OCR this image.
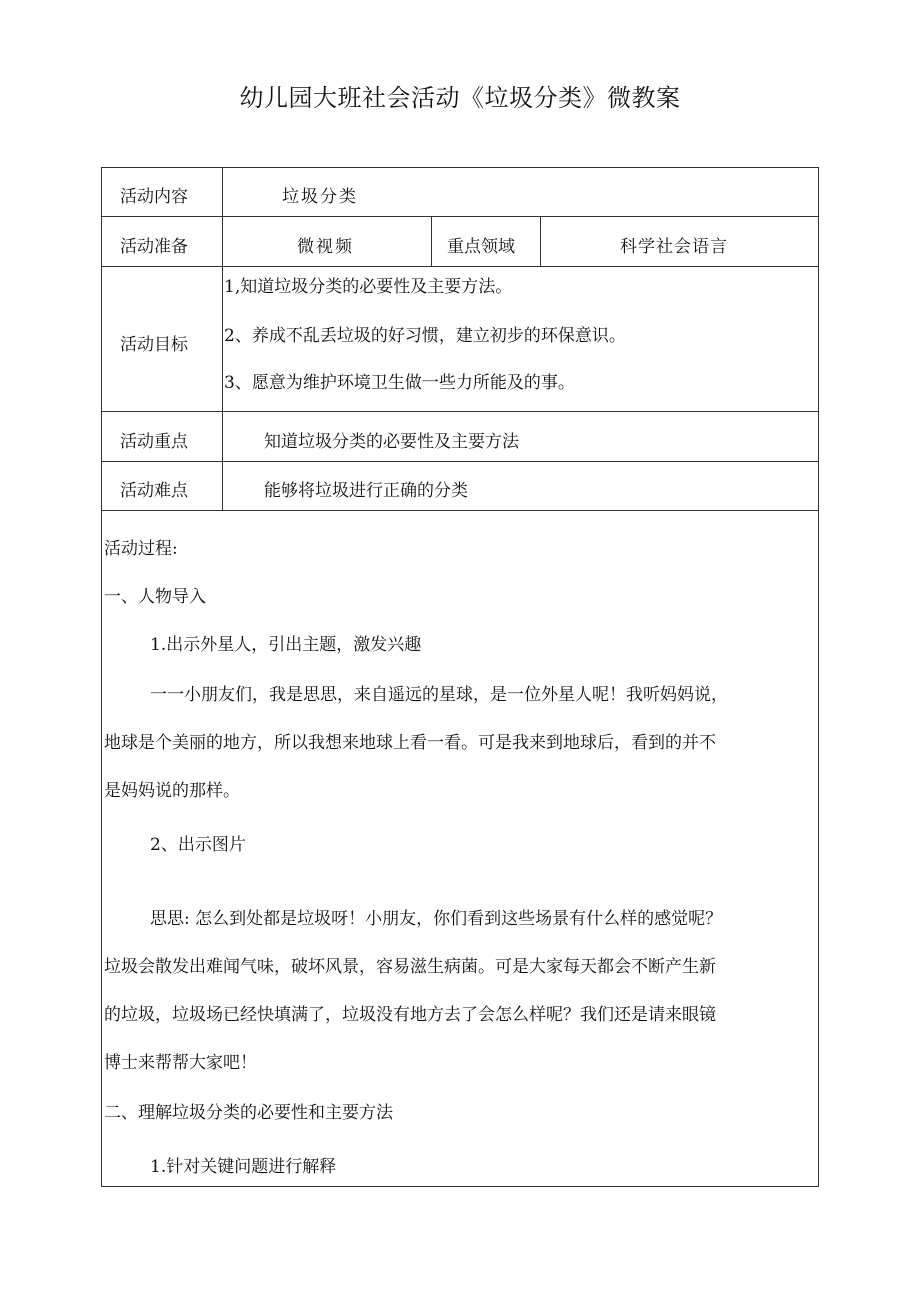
幼儿园大班社会活动《垃圾分类》微教案
活动内容	垃圾分类
活动准备	微视频	重点领域	科学社会语言
活动目标
1,知道垃圾分类的必要性及主要方法。
2、养成不乱丢垃圾的好习惯，建立初步的环保意识。
3、愿意为维护环境卫生做一些力所能及的事。
活动重点	知道垃圾分类的必要性及主要方法
活动难点	能够将垃圾进行正确的分类
活动过程:
一、人物导入
1.出示外星人，引出主题，激发兴趣
一一小朋友们，我是思思，来自遥远的星球，是一位外星人呢！我听妈妈说，
地球是个美丽的地方，所以我想来地球上看一看。可是我来到地球后，看到的并不
是妈妈说的那样。
2、出示图片
思思: 怎么到处都是垃圾呀！小朋友，你们看到这些场景有什么样的感觉呢？
垃圾会散发出难闻气味，破坏风景，容易滋生病菌。可是大家每天都会不断产生新
的垃圾，垃圾场已经快填满了，垃圾没有地方去了会怎么样呢？我们还是请来眼镜
博士来帮帮大家吧！
二、理解垃圾分类的必要性和主要方法
1.针对关键问题进行解释
